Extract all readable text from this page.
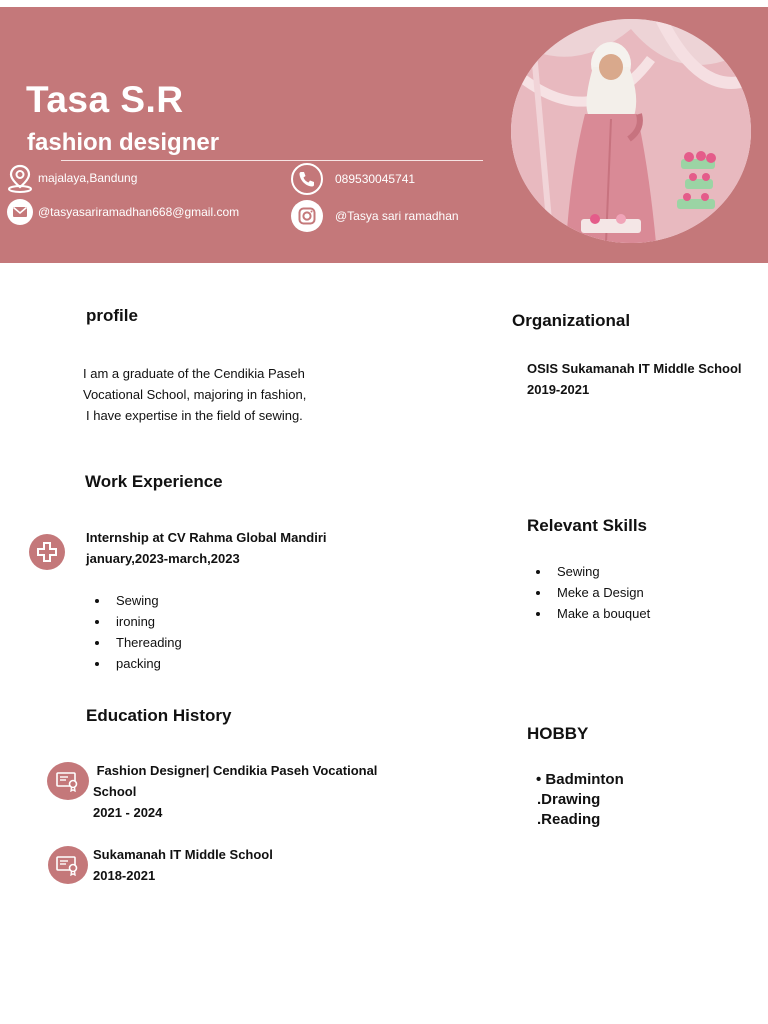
Tasa S.R
fashion designer
majalaya,Bandung
@tasyasariramadhan668@gmail.com
089530045741
@Tasya sari ramadhan
profile
I am a graduate of the Cendikia Paseh
Vocational School, majoring in fashion,
I have expertise in the field of sewing.
Work Experience
Internship at CV Rahma Global Mandiri
january,2023-march,2023
• Sewing
• ironing
• Thereading
• packing
Education History
Fashion Designer| Cendikia Paseh Vocational
School
2021 - 2024
Sukamanah IT Middle School
2018-2021
Organizational
OSIS Sukamanah IT Middle School
2019-2021
Relevant Skills
• Sewing
• Meke a Design
• Make a bouquet
HOBBY
• Badminton
.Drawing
.Reading
